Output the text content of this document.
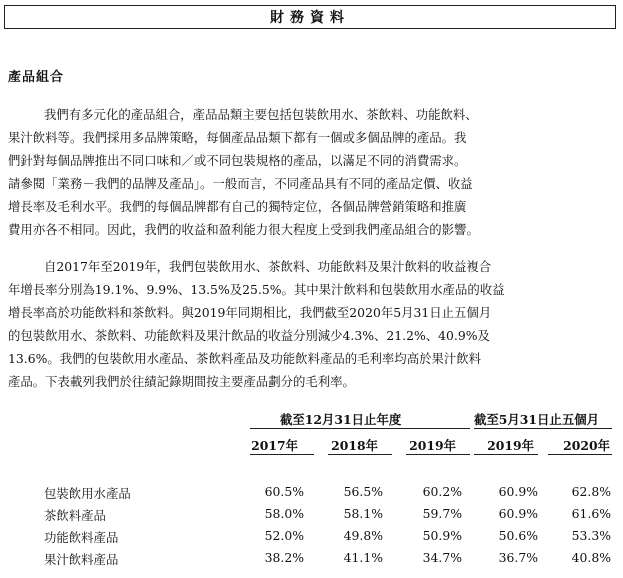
財務資料
產品組合

我們有多元化的產品組合，產品品類主要包括包裝飲用水、茶飲料、功能飲料、
果汁飲料等。我們採用多品牌策略，每個產品品類下都有一個或多個品牌的產品。我
們針對每個品牌推出不同口味和／或不同包裝規格的產品，以滿足不同的消費需求。
請參閱「業務－我們的品牌及產品」。一般而言，不同產品具有不同的產品定價、收益
增長率及毛利水平。我們的每個品牌都有自己的獨特定位，各個品牌營銷策略和推廣
費用亦各不相同。因此，我們的收益和盈利能力很大程度上受到我們產品組合的影響。

自2017年至2019年，我們包裝飲用水、茶飲料、功能飲料及果汁飲料的收益複合
年增長率分別為19.1%、9.9%、13.5%及25.5%。其中果汁飲料和包裝飲用水產品的收益
增長率高於功能飲料和茶飲料。與2019年同期相比，我們截至2020年5月31日止五個月
的包裝飲用水、茶飲料、功能飲料及果汁飲品的收益分別減少4.3%、21.2%、40.9%及
13.6%。我們的包裝飲用水產品、茶飲料產品及功能飲料產品的毛利率均高於果汁飲料
產品。下表載列我們於往績記錄期間按主要產品劃分的毛利率。

截至12月31日止年度	截至5月31日止五個月
2017年	2018年	2019年	2019年	2020年
包裝飲用水產品	60.5%	56.5%	60.2%	60.9%	62.8%
茶飲料產品	58.0%	58.1%	59.7%	60.9%	61.6%
功能飲料產品	52.0%	49.8%	50.9%	50.6%	53.3%
果汁飲料產品	38.2%	41.1%	34.7%	36.7%	40.8%
